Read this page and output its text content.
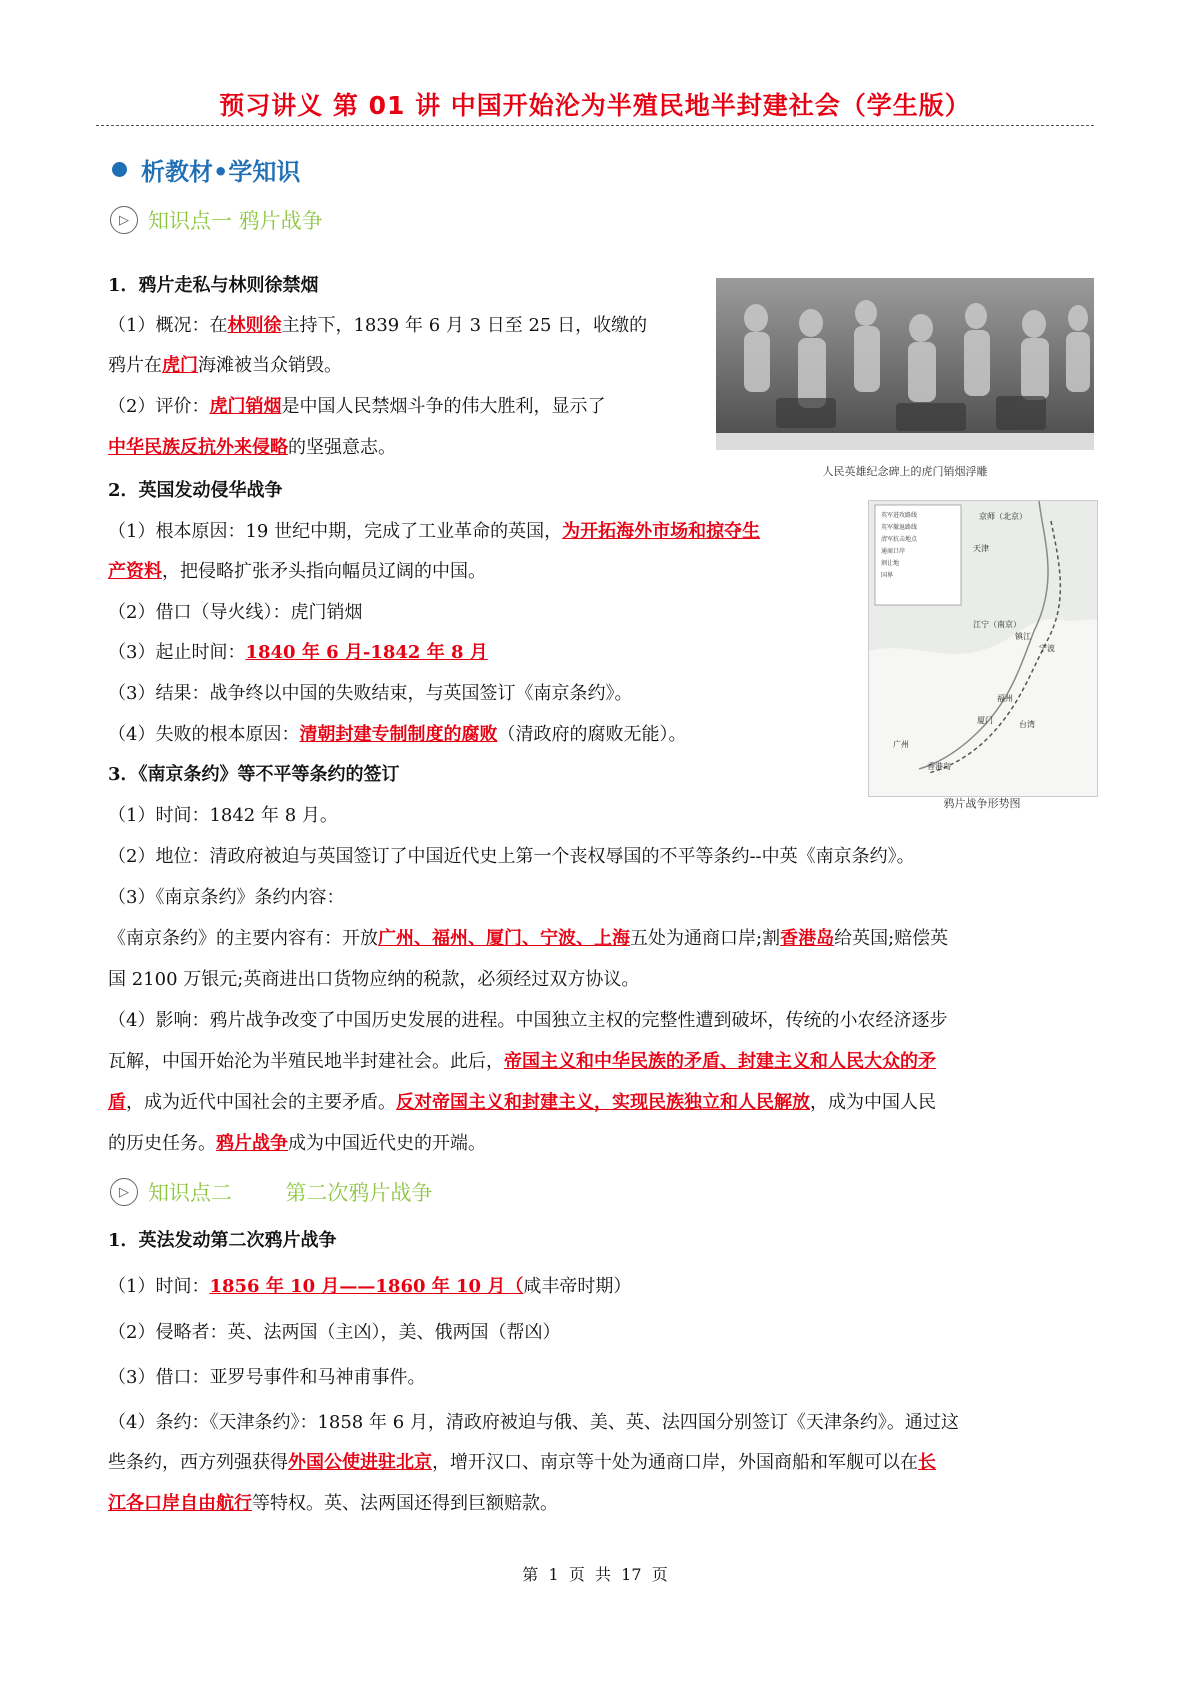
预习讲义 第 01 讲 中国开始沦为半殖民地半封建社会（学生版）
析教材•学知识
▷ 知识点一 鸦片战争
1．鸦片走私与林则徐禁烟
（1）概况：在林则徐主持下，1839 年 6 月 3 日至 25 日，收缴的
鸦片在虎门海滩被当众销毁。
（2）评价：虎门销烟是中国人民禁烟斗争的伟大胜利，显示了
中华民族反抗外来侵略的坚强意志。
人民英雄纪念碑上的虎门销烟浮雕
2．英国发动侵华战争
（1）根本原因：19 世纪中期，完成了工业革命的英国，为开拓海外市场和掠夺生
产资料，把侵略扩张矛头指向幅员辽阔的中国。
（2）借口（导火线）：虎门销烟
（3）起止时间：1840 年 6 月-1842 年 8 月
（3）结果：战争终以中国的失败结束，与英国签订《南京条约》。
（4）失败的根本原因：清朝封建专制制度的腐败（清政府的腐败无能）。
英军进攻路线
英军撤退路线
清军抗击地点
通商口岸
割让地
国界
京师（北京）
天津
江宁（南京）
镇江
宁波
福州
厦门
广州
香港岛
台湾
鸦片战争形势图
3．《南京条约》等不平等条约的签订
（1）时间：1842 年 8 月。
（2）地位：清政府被迫与英国签订了中国近代史上第一个丧权辱国的不平等条约--中英《南京条约》。
（3）《南京条约》条约内容：
《南京条约》的主要内容有：开放广州、福州、厦门、宁波、上海五处为通商口岸;割香港岛给英国;赔偿英
国 2100 万银元;英商进出口货物应纳的税款，必须经过双方协议。
（4）影响：鸦片战争改变了中国历史发展的进程。中国独立主权的完整性遭到破坏，传统的小农经济逐步
瓦解，中国开始沦为半殖民地半封建社会。此后，帝国主义和中华民族的矛盾、封建主义和人民大众的矛
盾，成为近代中国社会的主要矛盾。反对帝国主义和封建主义，实现民族独立和人民解放，成为中国人民
的历史任务。鸦片战争成为中国近代史的开端。
▷ 知识点二        第二次鸦片战争
1．英法发动第二次鸦片战争
（1）时间：1856 年 10 月——1860 年 10 月（咸丰帝时期）
（2）侵略者：英、法两国（主凶），美、俄两国（帮凶）
（3）借口：亚罗号事件和马神甫事件。
（4）条约：《天津条约》：1858 年 6 月，清政府被迫与俄、美、英、法四国分别签订《天津条约》。通过这
些条约，西方列强获得外国公使进驻北京，增开汉口、南京等十处为通商口岸，外国商船和军舰可以在长
江各口岸自由航行等特权。英、法两国还得到巨额赔款。
第  1  页  共  17  页
